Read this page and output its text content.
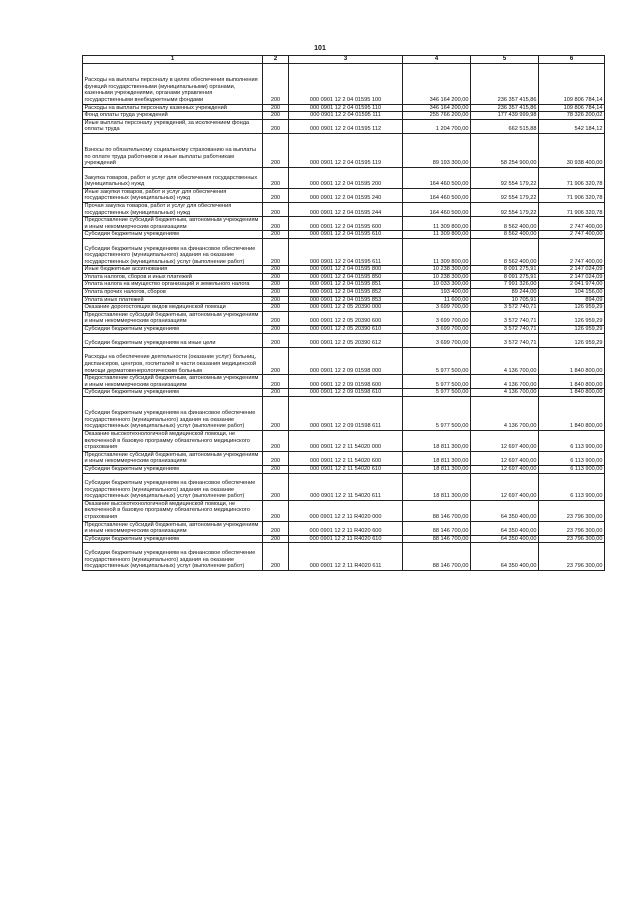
101
1	2	3	4	5	6

Расходы на выплаты персоналу в целях обеспечения выполнения функций государственными (муниципальными) органами, казенными учреждениями, органами управления государственными внебюджетными фондами	200	000 0901 12 2 04 01595 100	346 164 200,00	236 357 415,86	109 806 784,14
Расходы на выплаты персоналу казенных учреждений	200	000 0901 12 2 04 01595 110	346 164 200,00	236 357 415,86	109 806 784,14
Фонд оплаты труда учреждений	200	000 0901 12 2 04 01595 111	255 766 200,00	177 439 999,98	78 326 200,02
Иные выплаты персоналу учреждений, за исключением фонда оплаты труда	200	000 0901 12 2 04 01595 112	1 204 700,00	662 515,88	542 184,12

Взносы по обязательному социальному страхованию на выплаты по оплате труда работников и иные выплаты работникам учреждений	200	000 0901 12 2 04 01595 119	89 193 300,00	58 254 900,00	30 938 400,00

Закупка товаров, работ и услуг для обеспечения государственных (муниципальных) нужд	200	000 0901 12 2 04 01595 200	164 460 500,00	92 554 179,22	71 906 320,78
Иные закупки товаров, работ и услуг для обеспечения государственных (муниципальных) нужд	200	000 0901 12 2 04 01595 240	164 460 500,00	92 554 179,22	71 906 320,78
Прочая закупка товаров, работ и услуг для обеспечения государственных (муниципальных) нужд	200	000 0901 12 2 04 01595 244	164 460 500,00	92 554 179,22	71 906 320,78
Предоставление субсидий бюджетным, автономным учреждениям и иным некоммерческим организациям	200	000 0901 12 2 04 01595 600	11 309 800,00	8 562 400,00	2 747 400,00
Субсидии бюджетным учреждениям	200	000 0901 12 2 04 01595 610	11 309 800,00	8 562 400,00	2 747 400,00

Субсидии бюджетным учреждениям на финансовое обеспечение государственного (муниципального) задания на оказание государственных (муниципальных) услуг (выполнение работ)	200	000 0901 12 2 04 01595 611	11 309 800,00	8 562 400,00	2 747 400,00
Иные бюджетные ассигнования	200	000 0901 12 2 04 01595 800	10 238 300,00	8 091 275,91	2 147 024,09
Уплата налогов, сборов и иных платежей	200	000 0901 12 2 04 01595 850	10 238 300,00	8 091 275,91	2 147 024,09
Уплата налога на имущество организаций и земельного налога	200	000 0901 12 2 04 01595 851	10 033 300,00	7 991 326,00	2 041 974,00
Уплата прочих налогов, сборов	200	000 0901 12 2 04 01595 852	193 400,00	89 244,00	104 156,00
Уплата иных платежей	200	000 0901 12 2 04 01595 853	11 600,00	10 705,91	894,09
Оказание дорогостоящих видов медицинской помощи	200	000 0901 12 2 05 20390 000	3 699 700,00	3 572 740,71	126 959,29
Предоставление субсидий бюджетным, автономным учреждениям и иным некоммерческим организациям	200	000 0901 12 2 05 20390 600	3 699 700,00	3 572 740,71	126 959,29
Субсидии бюджетным учреждениям	200	000 0901 12 2 05 20390 610	3 699 700,00	3 572 740,71	126 959,29

Субсидии бюджетным учреждениям на иные цели	200	000 0901 12 2 05 20390 612	3 699 700,00	3 572 740,71	126 959,29

Расходы на обеспечение деятельности (оказание услуг) больниц, диспансеров, центров, госпиталей в части оказания медицинской помощи дерматовенерологическим больным	200	000 0901 12 2 09 01598 000	5 977 500,00	4 136 700,00	1 840 800,00
Предоставление субсидий бюджетным, автономным учреждениям и иным некоммерческим организациям	200	000 0901 12 2 09 01598 600	5 977 500,00	4 136 700,00	1 840 800,00
Субсидии бюджетным учреждениям	200	000 0901 12 2 09 01598 610	5 977 500,00	4 136 700,00	1 840 800,00

Субсидии бюджетным учреждениям на финансовое обеспечение государственного (муниципального) задания на оказание государственных (муниципальных) услуг (выполнение работ)	200	000 0901 12 2 09 01598 611	5 977 500,00	4 136 700,00	1 840 800,00
Оказание высокотехнологичной медицинской помощи, не включенной в базовую программу обязательного медицинского страхования	200	000 0901 12 2 11 54020 000	18 811 300,00	12 697 400,00	6 113 900,00
Предоставление субсидий бюджетным, автономным учреждениям и иным некоммерческим организациям	200	000 0901 12 2 11 54020 600	18 811 300,00	12 697 400,00	6 113 900,00
Субсидии бюджетным учреждениям	200	000 0901 12 2 11 54020 610	18 811 300,00	12 697 400,00	6 113 900,00

Субсидии бюджетным учреждениям на финансовое обеспечение государственного (муниципального) задания на оказание государственных (муниципальных) услуг (выполнение работ)	200	000 0901 12 2 11 54020 611	18 811 300,00	12 697 400,00	6 113 900,00
Оказание высокотехнологичной медицинской помощи, не включенной в базовую программу обязательного медицинского страхования	200	000 0901 12 2 11 R4020 000	88 146 700,00	64 350 400,00	23 796 300,00
Предоставление субсидий бюджетным, автономным учреждениям и иным некоммерческим организациям	200	000 0901 12 2 11 R4020 600	88 146 700,00	64 350 400,00	23 796 300,00
Субсидии бюджетным учреждениям	200	000 0901 12 2 11 R4020 610	88 146 700,00	64 350 400,00	23 796 300,00

Субсидии бюджетным учреждениям на финансовое обеспечение государственного (муниципального) задания на оказание государственных (муниципальных) услуг (выполнение работ)	200	000 0901 12 2 11 R4020 611	88 146 700,00	64 350 400,00	23 796 300,00
